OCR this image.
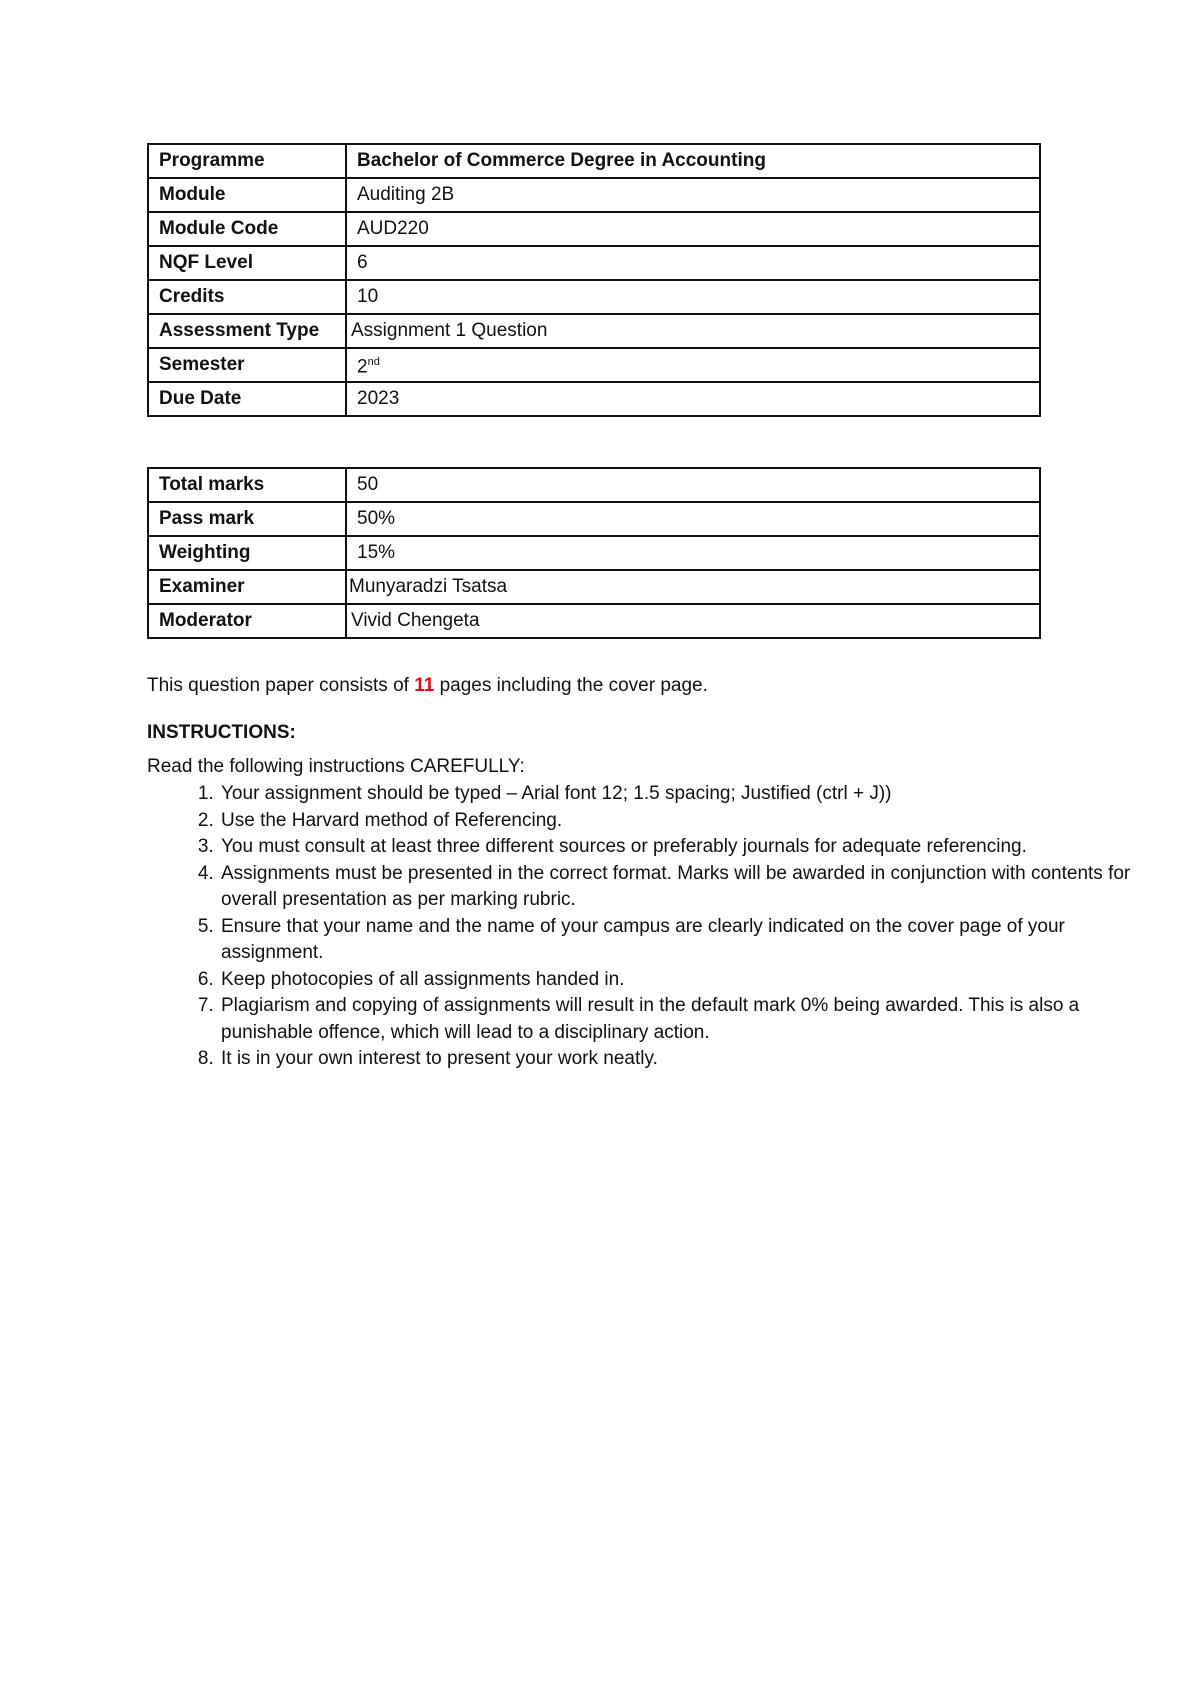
Programme	Bachelor of Commerce Degree in Accounting
Module	Auditing 2B
Module Code	AUD220
NQF Level	6
Credits	10
Assessment Type	Assignment 1 Question
Semester	2nd
Due Date	2023
Total marks	50
Pass mark	50%
Weighting	15%
Examiner	Munyaradzi Tsatsa
Moderator	Vivid Chengeta
This question paper consists of 11 pages including the cover page.
INSTRUCTIONS:
Read the following instructions CAREFULLY:
1. Your assignment should be typed – Arial font 12; 1.5 spacing; Justified (ctrl + J))
2. Use the Harvard method of Referencing.
3. You must consult at least three different sources or preferably journals for adequate referencing.
4. Assignments must be presented in the correct format. Marks will be awarded in conjunction with contents for overall presentation as per marking rubric.
5. Ensure that your name and the name of your campus are clearly indicated on the cover page of your assignment.
6. Keep photocopies of all assignments handed in.
7. Plagiarism and copying of assignments will result in the default mark 0% being awarded. This is also a punishable offence, which will lead to a disciplinary action.
8. It is in your own interest to present your work neatly.
